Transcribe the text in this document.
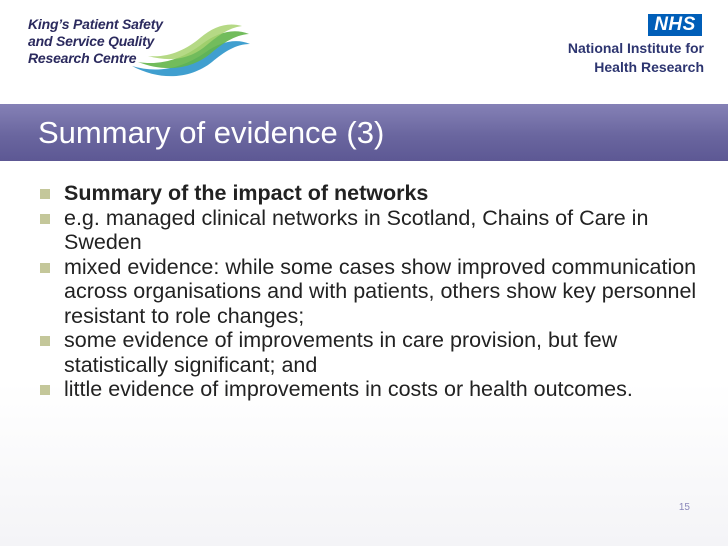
King’s Patient Safety
and Service Quality
Research Centre
NHS
National Institute for
Health Research
Summary of evidence (3)
Summary of the impact of networks
e.g. managed clinical networks in Scotland, Chains of Care in Sweden
mixed evidence: while some cases show improved communication across organisations and with patients, others show key personnel resistant to role changes;
some evidence of improvements in care provision, but few statistically significant; and
little evidence of improvements in costs or health outcomes.
15
